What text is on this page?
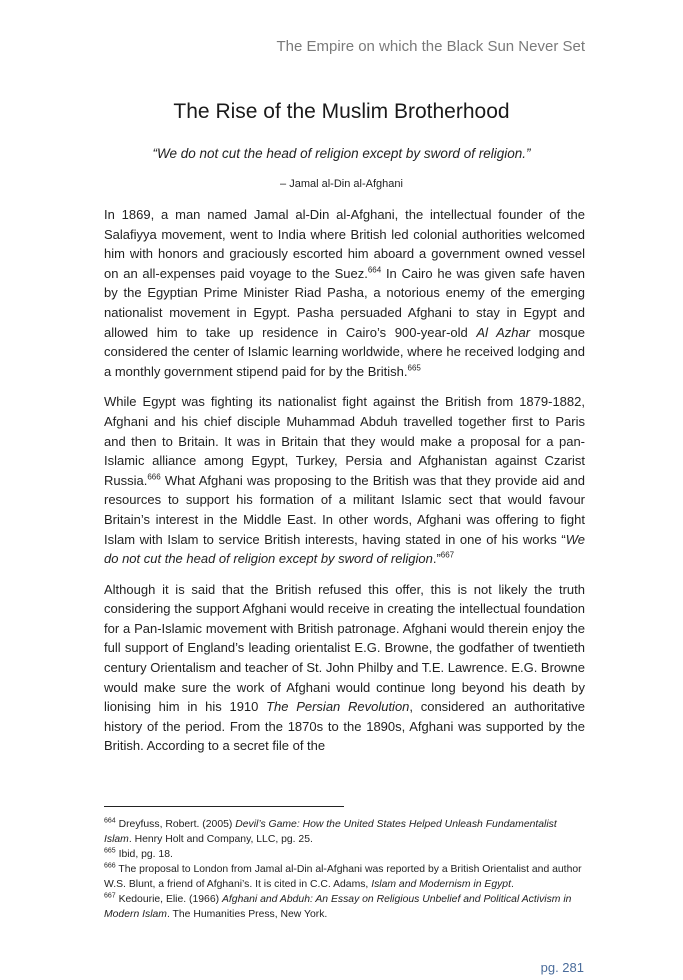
The Empire on which the Black Sun Never Set
The Rise of the Muslim Brotherhood
“We do not cut the head of religion except by sword of religion.”
– Jamal al-Din al-Afghani

In 1869, a man named Jamal al-Din al-Afghani, the intellectual founder of the Salafiyya movement, went to India where British led colonial authorities welcomed him with honors and graciously escorted him aboard a government owned vessel on an all-expenses paid voyage to the Suez.$^{664}$ In Cairo he was given safe haven by the Egyptian Prime Minister Riad Pasha, a notorious enemy of the emerging nationalist movement in Egypt. Pasha persuaded Afghani to stay in Egypt and allowed him to take up residence in Cairo’s 900-year-old Al Azhar mosque considered the center of Islamic learning worldwide, where he received lodging and a monthly government stipend paid for by the British.$^{665}$

While Egypt was fighting its nationalist fight against the British from 1879-1882, Afghani and his chief disciple Muhammad Abduh travelled together first to Paris and then to Britain. It was in Britain that they would make a proposal for a pan-Islamic alliance among Egypt, Turkey, Persia and Afghanistan against Czarist Russia.$^{666}$ What Afghani was proposing to the British was that they provide aid and resources to support his formation of a militant Islamic sect that would favour Britain’s interest in the Middle East. In other words, Afghani was offering to fight Islam with Islam to service British interests, having stated in one of his works “We do not cut the head of religion except by sword of religion.”$^{667}$

Although it is said that the British refused this offer, this is not likely the truth considering the support Afghani would receive in creating the intellectual foundation for a Pan-Islamic movement with British patronage. Afghani would therein enjoy the full support of England’s leading orientalist E.G. Browne, the godfather of twentieth century Orientalism and teacher of St. John Philby and T.E. Lawrence. E.G. Browne would make sure the work of Afghani would continue long beyond his death by lionising him in his 1910 The Persian Revolution, considered an authoritative history of the period. From the 1870s to the 1890s, Afghani was supported by the British. According to a secret file of the

$^{664}$ Dreyfuss, Robert. (2005) Devil’s Game: How the United States Helped Unleash Fundamentalist Islam. Henry Holt and Company, LLC, pg. 25.

$^{665}$ Ibid, pg. 18.

$^{666}$ The proposal to London from Jamal al-Din al-Afghani was reported by a British Orientalist and author W.S. Blunt, a friend of Afghani’s. It is cited in C.C. Adams, Islam and Modernism in Egypt.

$^{667}$ Kedourie, Elie. (1966) Afghani and Abduh: An Essay on Religious Unbelief and Political Activism in Modern Islam. The Humanities Press, New York.

pg. 281
